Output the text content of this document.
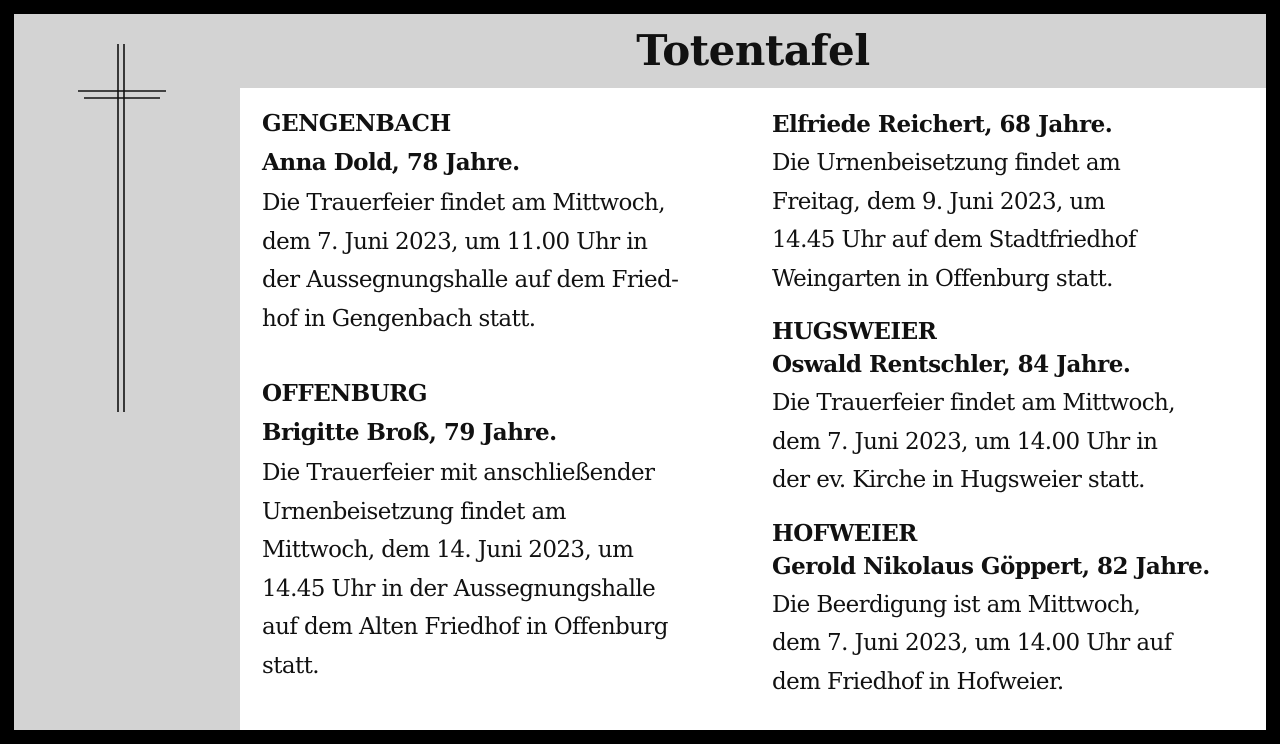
Totentafel

GENGENBACH

Anna Dold, 78 Jahre.

Die Trauerfeier findet am Mittwoch,
dem 7. Juni 2023, um 11.00 Uhr in
der Aussegnungshalle auf dem Fried-
hof in Gengenbach statt.

OFFENBURG

Brigitte Broß, 79 Jahre.

Die Trauerfeier mit anschließender
Urnenbeisetzung findet am
Mittwoch, dem 14. Juni 2023, um
14.45 Uhr in der Aussegnungshalle
auf dem Alten Friedhof in Offenburg
statt.

Elfriede Reichert, 68 Jahre.

Die Urnenbeisetzung findet am
Freitag, dem 9. Juni 2023, um
14.45 Uhr auf dem Stadtfriedhof
Weingarten in Offenburg statt.

HUGSWEIER

Oswald Rentschler, 84 Jahre.

Die Trauerfeier findet am Mittwoch,
dem 7. Juni 2023, um 14.00 Uhr in
der ev. Kirche in Hugsweier statt.

HOFWEIER

Gerold Nikolaus Göppert, 82 Jahre.

Die Beerdigung ist am Mittwoch,
dem 7. Juni 2023, um 14.00 Uhr auf
dem Friedhof in Hofweier.
